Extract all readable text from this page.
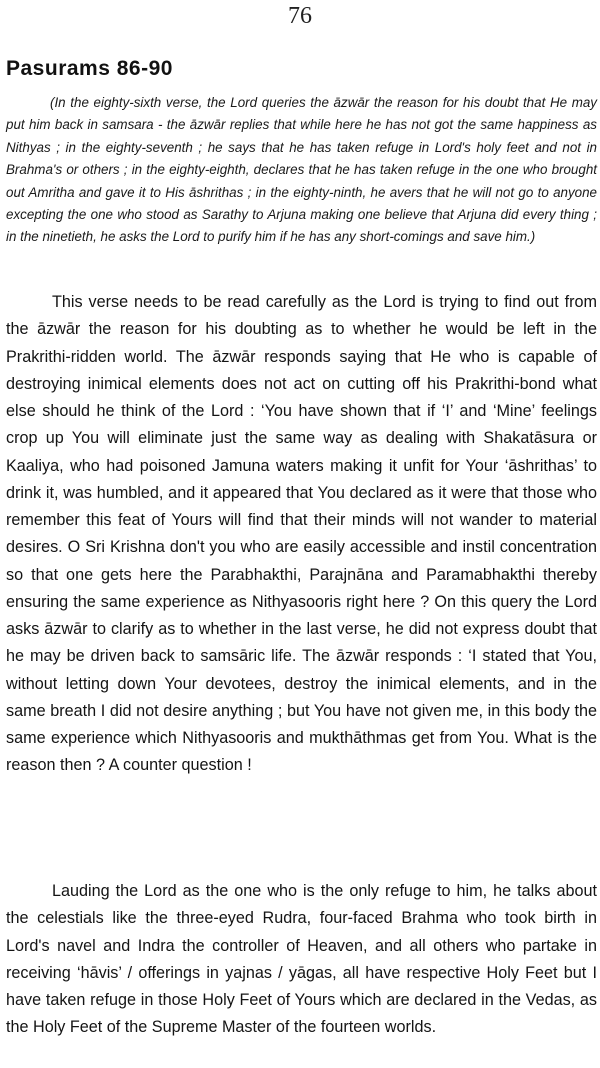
76
Pasurams 86-90

(In the eighty-sixth verse, the Lord queries the āzwār the reason for his doubt that He may put him back in samsara - the āzwār replies that while here he has not got the same happiness as Nithyas ; in the eighty-seventh ; he says that he has taken refuge in Lord's holy feet and not in Brahma's or others ; in the eighty-eighth, declares that he has taken refuge in the one who brought out Amritha and gave it to His āshrithas ; in the eighty-ninth, he avers that he will not go to anyone excepting the one who stood as Sarathy to Arjuna making one believe that Arjuna did every thing ; in the ninetieth, he asks the Lord to purify him if he has any short-comings and save him.)

This verse needs to be read carefully as the Lord is trying to find out from the āzwār the reason for his doubting as to whether he would be left in the Prakrithi-ridden world. The āzwār responds saying that He who is capable of destroying inimical elements does not act on cutting off his Prakrithi-bond what else should he think of the Lord : ‘You have shown that if ‘I’ and ‘Mine’ feelings crop up You will eliminate just the same way as dealing with Shakatāsura or Kaaliya, who had poisoned Jamuna waters making it unfit for Your ‘āshrithas’ to drink it, was humbled, and it appeared that You declared as it were that those who remember this feat of Yours will find that their minds will not wander to material desires. O Sri Krishna don't you who are easily accessible and instil concentration so that one gets here the Parabhakthi, Parajnāna and Paramabhakthi thereby ensuring the same experience as Nithyasooris right here ? On this query the Lord asks āzwār to clarify as to whether in the last verse, he did not express doubt that he may be driven back to samsāric life. The āzwār responds : ‘I stated that You, without letting down Your devotees, destroy the inimical elements, and in the same breath I did not desire anything ; but You have not given me, in this body the same experience which Nithyasooris and mukthāthmas get from You. What is the reason then ? A counter question !

Lauding the Lord as the one who is the only refuge to him, he talks about the celestials like the three-eyed Rudra, four-faced Brahma who took birth in Lord's navel and Indra the controller of Heaven, and all others who partake in receiving ‘hāvis’ / offerings in yajnas / yāgas, all have respective Holy Feet but I have taken refuge in those Holy Feet of Yours which are declared in the Vedas, as the Holy Feet of the Supreme Master of the fourteen worlds.
